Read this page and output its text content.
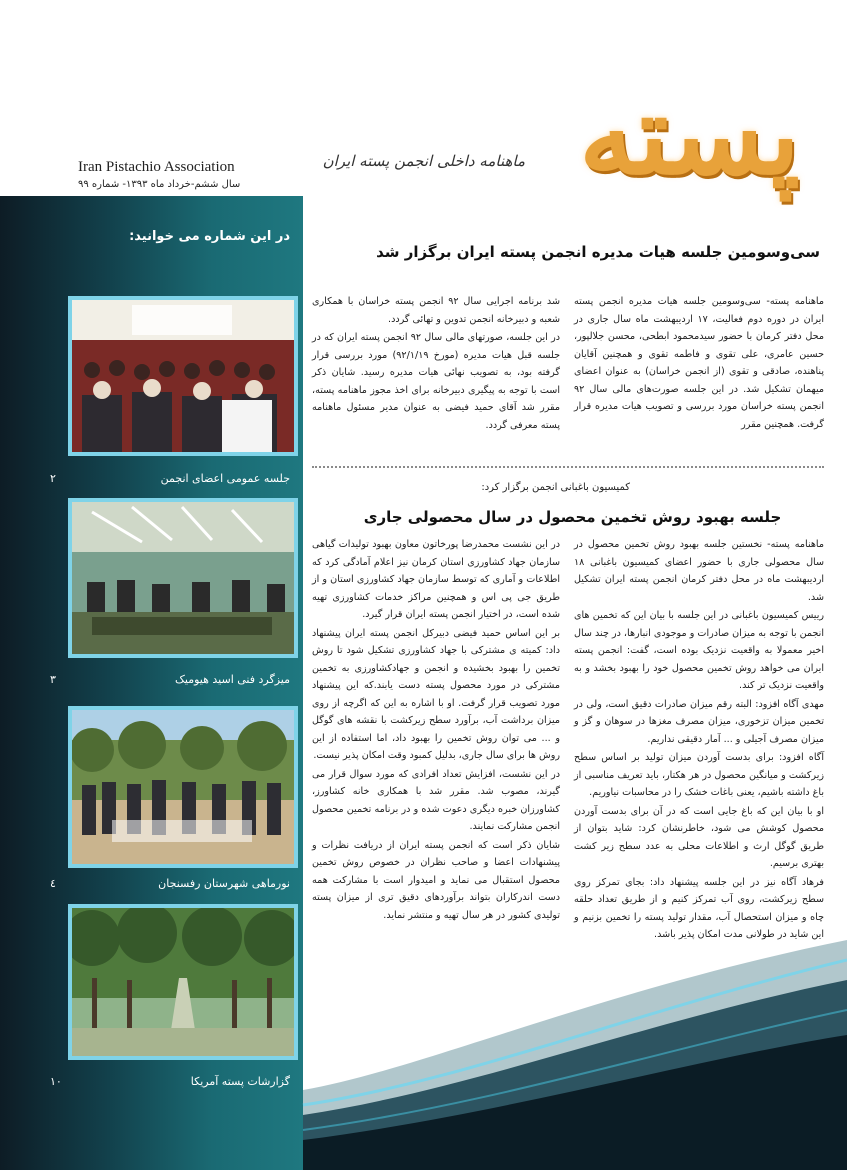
پسته
ماهنامه داخلی انجمن پسته ایران
Iran Pistachio Association
سال ششم-خرداد ماه ۱۳۹۳- شماره ۹۹
در این شماره می خوانید:
جلسه عمومی اعضای انجمن
۲
میزگرد فنی اسید هیومیک
۳
نورماهی شهرستان رفسنجان
٤
گزارشات پسته آمریکا
۱۰
سی‌وسومین جلسه هیات مدیره انجمن پسته ایران برگزار شد

ماهنامه پسته- سی‌وسومین جلسه هیات مدیره انجمن پسته ایران در دوره دوم فعالیت، ۱۷ اردیبهشت ماه سال جاری در محل دفتر کرمان با حضور سید‌محمود ابطحی، محسن جلالپور، حسین عامری، علی تقوی و فاطمه تقوی و همچنین آقایان پناهنده، صادقی و تقوی (از انجمن خراسان) به عنوان اعضای میهمان تشکیل شد. در این جلسه صورت‌های مالی سال ۹۲ انجمن پسته خراسان مورد بررسی و تصویب هیات مدیره قرار گرفت. همچنین مقرر

شد برنامه اجرایی سال ۹۲ انجمن پسته خراسان با همکاری شعبه و دبیرخانه انجمن تدوین و تهائی گردد.

در این جلسه، صورتهای مالی سال ۹۲ انجمن پسته ایران که در جلسه قبل هیات مدیره (مورخ ۹۲/۱/۱۹) مورد بررسی قرار گرفته بود، به تصویب نهائی هیات مدیره رسید. شایان ذکر است با توجه به پیگیری دبیرخانه برای اخذ مجوز ماهنامه پسته، مقرر شد آقای حمید فیضی به عنوان مدیر مسئول ماهنامه پسته معرفی گردد.

کمیسیون باغبانی انجمن برگزار کرد:
جلسه بهبود روش تخمین محصول در سال محصولی جاری

ماهنامه پسته- نخستین جلسه بهبود روش تخمین محصول در سال محصولی جاری با حضور اعضای کمیسیون باغبانی ۱۸ اردیبهشت ماه در محل دفتر کرمان انجمن پسته ایران تشکیل شد.

رییس کمیسیون باغبانی در این جلسه با بیان این که تخمین های انجمن با توجه به میزان صادرات و موجودی انبارها، در چند سال اخیر معمولا به واقعیت نزدیک بوده است، گفت: انجمن پسته ایران می خواهد روش تخمین محصول خود را بهبود بخشد و به واقعیت نزدیک تر کند.

مهدی آگاه افزود: البته رقم میزان صادرات دقیق است، ولی در تخمین میزان تزخوری، میزان مصرف مغزها در سوهان و گز و میزان مصرف آجیلی و ... آمار دقیقی نداریم.

آگاه افزود: برای بدست آوردن میزان تولید بر اساس سطح زیرکشت و میانگین محصول در هر هکتار، باید تعریف مناسبی از باغ داشته باشیم، یعنی باغات خشک را در محاسبات نیاوریم.

او با بیان این که باغ جایی است که در آن برای بدست آوردن محصول کوشش می شود، خاطرنشان کرد: شاید بتوان از طریق گوگل ارث و اطلاعات محلی به عدد سطح زیر کشت بهتری برسیم.

فرهاد آگاه نیز در این جلسه پیشنهاد داد: بجای تمرکز روی سطح زیرکشت، روی آب تمرکز کنیم و از طریق تعداد حلقه چاه و میزان استحصال آب، مقدار تولید پسته را تخمین بزنیم و این شاید در طولانی مدت امکان پذیر باشد.

در این نشست محمدرضا پورخاتون معاون بهبود تولیدات گیاهی سازمان جهاد کشاورزی استان کرمان نیز اعلام آمادگی کرد که اطلاعات و آماری که توسط سازمان جهاد کشاورزی استان و از طریق جی پی اس و همچنین مراکز خدمات کشاورزی تهیه شده است، در اختیار انجمن پسته ایران قرار گیرد.

بر این اساس حمید فیضی دبیرکل انجمن پسته ایران پیشنهاد داد: کمیته ی مشترکی با جهاد کشاورزی تشکیل شود تا روش تخمین را بهبود بخشیده و انجمن و جهادکشاورزی به تخمین مشترکی در مورد محصول پسته دست یابند.که این پیشنهاد مورد تصویب قرار گرفت. او با اشاره به این که اگرچه از روی میزان برداشت آب، برآورد سطح زیرکشت با نقشه های گوگل و ... می توان روش تخمین را بهبود داد، اما استفاده از این روش ها برای سال جاری، بدلیل کمبود وقت امکان پذیر نیست.

در این نشست، افزایش تعداد افرادی که مورد سوال قرار می گیرند، مصوب شد. مقرر شد با همکاری خانه کشاورز، کشاورزان خبره دیگری دعوت شده و در برنامه تخمین محصول انجمن مشارکت نمایند.

شایان ذکر است که انجمن پسته ایران از دریافت نظرات و پیشنهادات اعضا و صاحب نظران در خصوص روش تخمین محصول استقبال می نماید و امیدوار است با مشارکت همه دست اندرکاران بتواند برآوردهای دقیق تری از میزان پسته تولیدی کشور در هر سال تهیه و منتشر نماید.
